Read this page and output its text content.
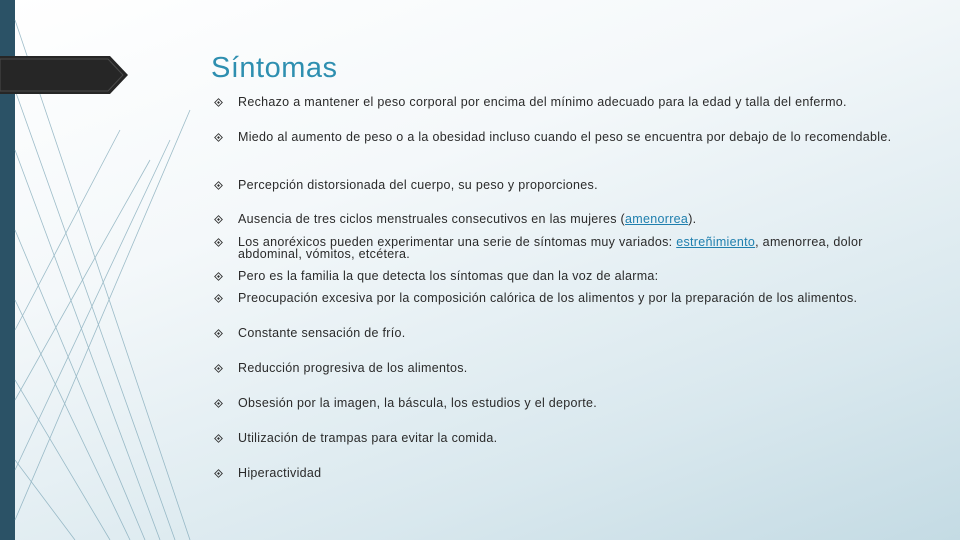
Síntomas
Rechazo a mantener el peso corporal por encima del mínimo adecuado para la edad y talla del enfermo.
Miedo al aumento de peso o a la obesidad incluso cuando el peso se encuentra por debajo de lo recomendable.
Percepción distorsionada del cuerpo, su peso y proporciones.
Ausencia de tres ciclos menstruales consecutivos en las mujeres (amenorrea).
Los anoréxicos pueden experimentar una serie de síntomas muy variados: estreñimiento, amenorrea, dolor abdominal, vómitos, etcétera.
Pero es la familia la que detecta los síntomas que dan la voz de alarma:
Preocupación excesiva por la composición calórica de los alimentos y por la preparación de los alimentos.
Constante sensación de frío.
Reducción progresiva de los alimentos.
Obsesión por la imagen, la báscula, los estudios y el deporte.
Utilización de trampas para evitar la comida.
Hiperactividad
